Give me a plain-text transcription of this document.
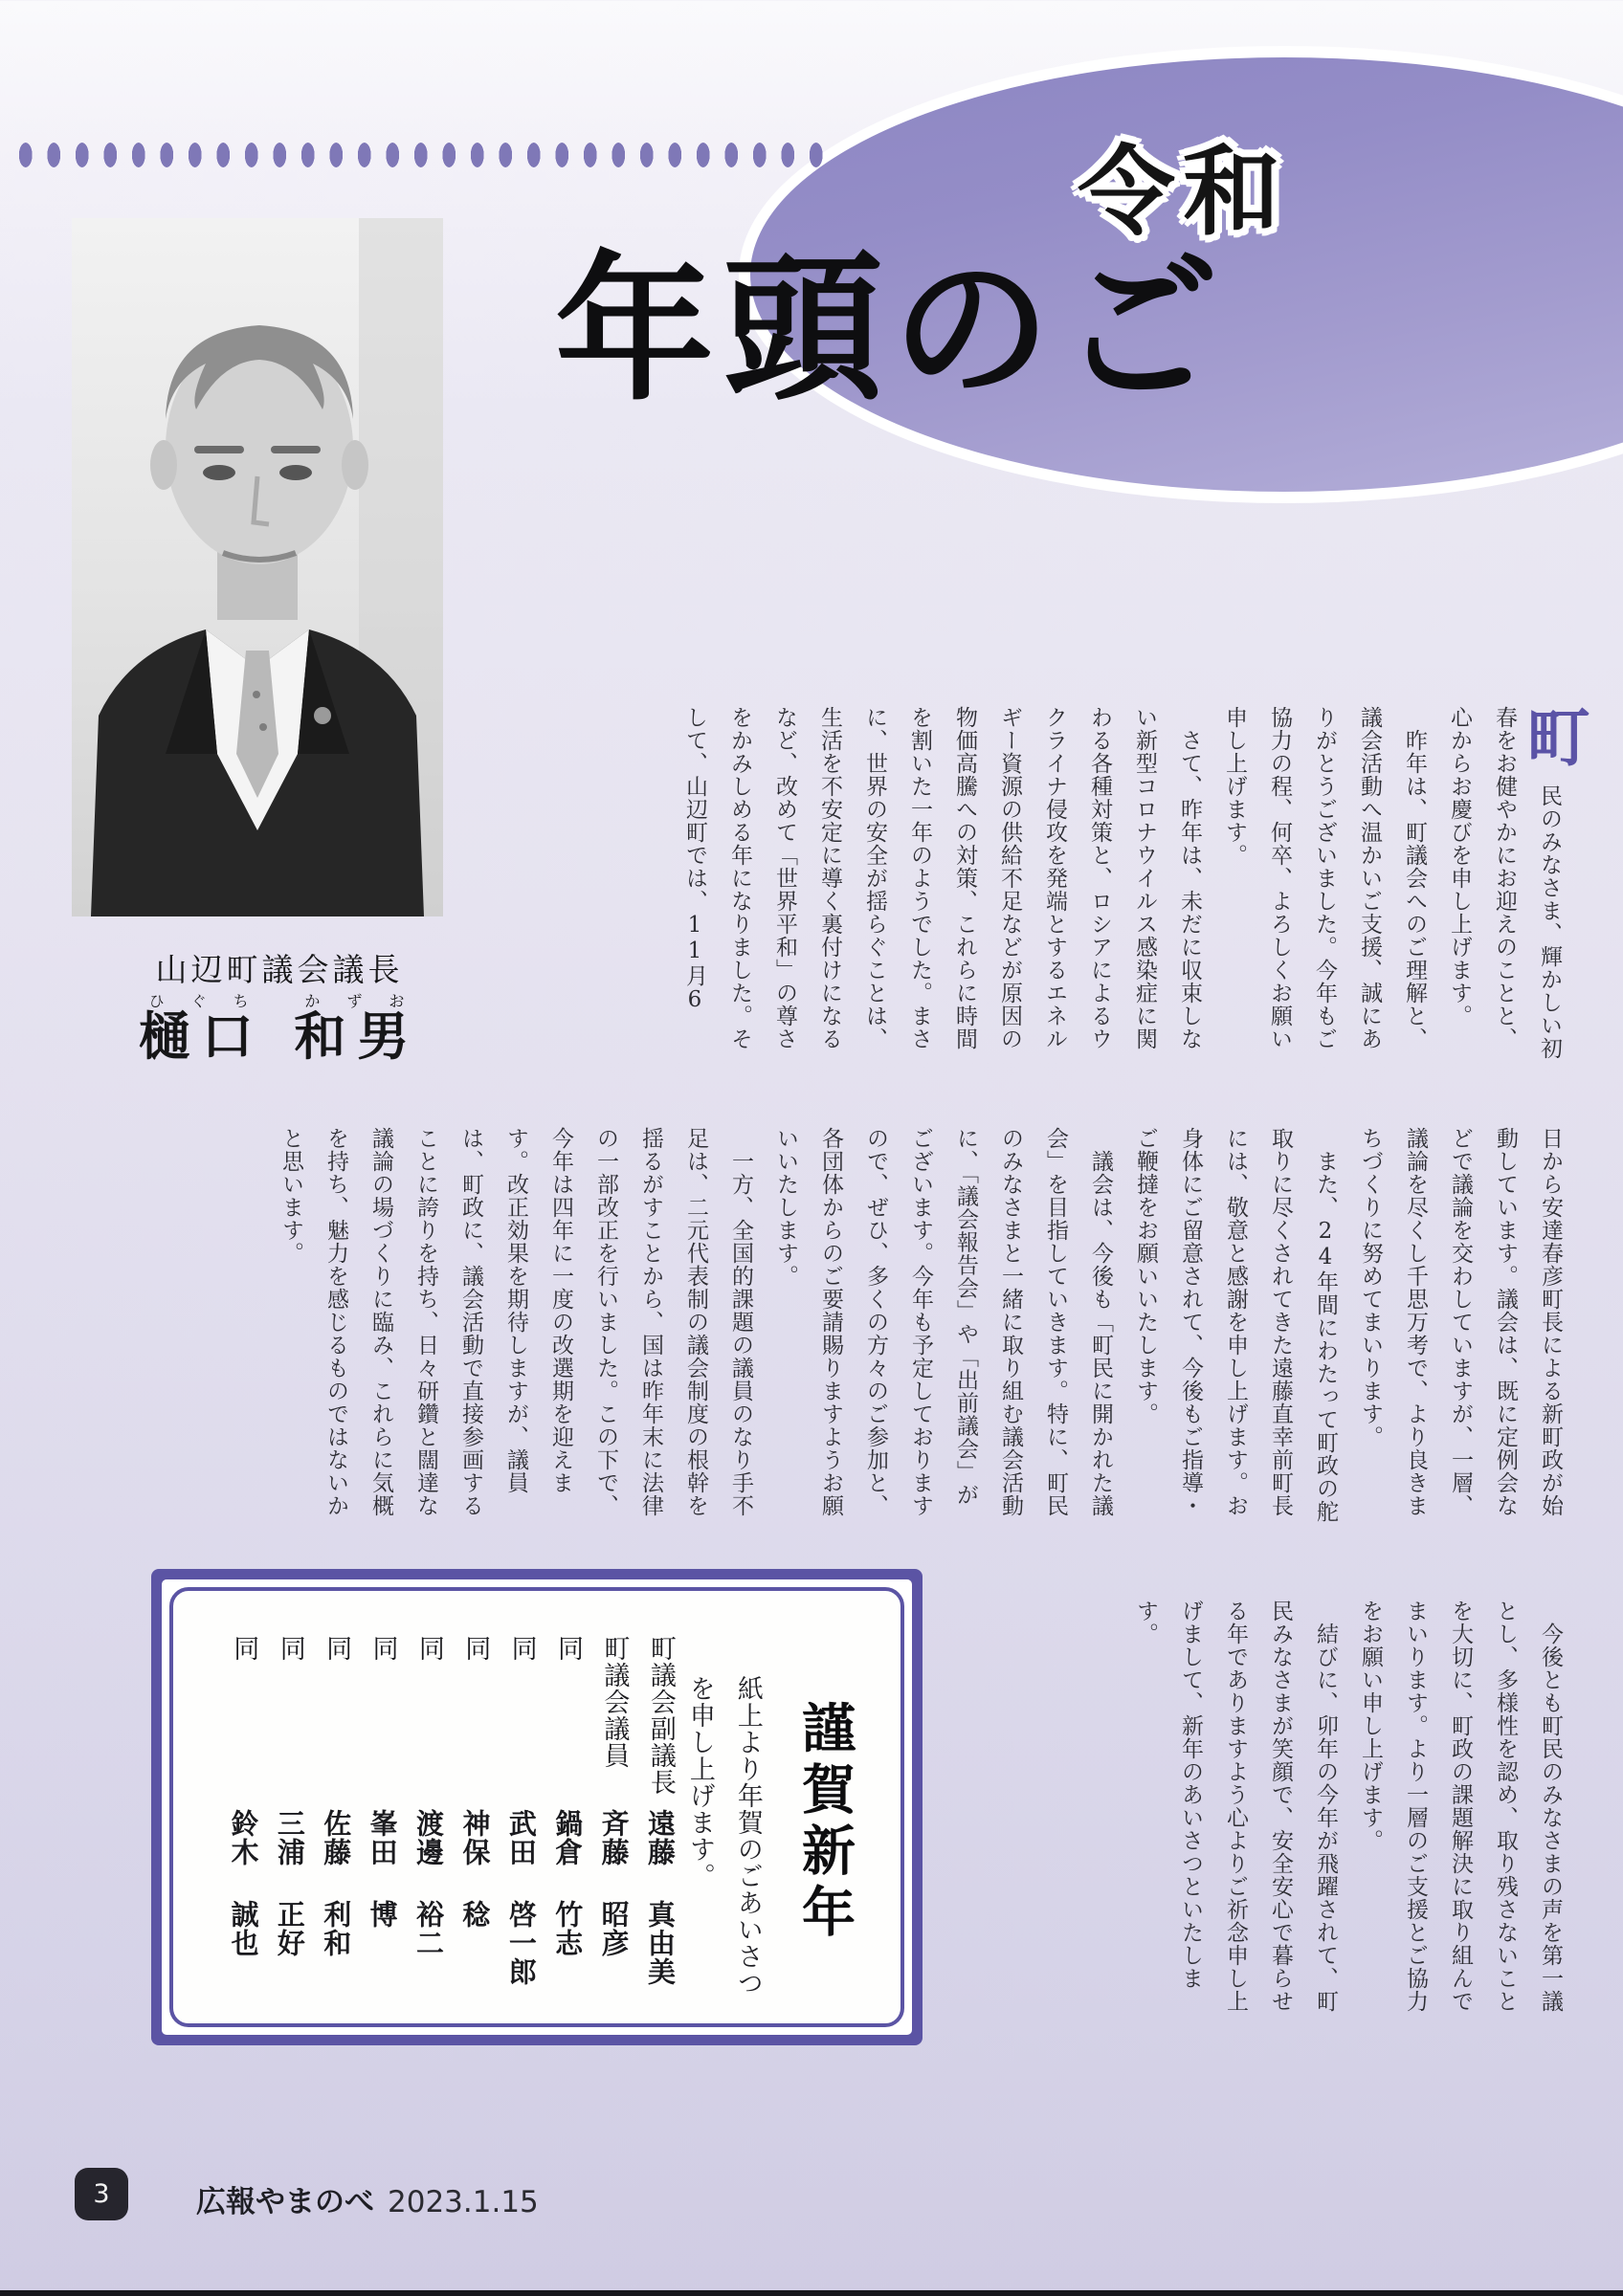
令和
年頭のご
山辺町議会議長
樋口ひぐち 和男かずお
町

民のみなさま、輝かしい初春をお健やかにお迎えのことと、心からお慶びを申し上げます。

　昨年は、町議会へのご理解と、議会活動へ温かいご支援、誠にありがとうございました。今年もご協力の程、何卒、よろしくお願い申し上げます。

　さて、昨年は、未だに収束しない新型コロナウイルス感染症に関わる各種対策と、ロシアによるウクライナ侵攻を発端とするエネルギー資源の供給不足などが原因の物価高騰への対策、これらに時間を割いた一年のようでした。まさに、世界の安全が揺らぐことは、生活を不安定に導く裏付けになるなど、改めて「世界平和」の尊さをかみしめる年になりました。そして、山辺町では、11月6

日から安達春彦町長による新町政が始動しています。議会は、既に定例会などで議論を交わしていますが、一層、議論を尽くし千思万考で、より良きまちづくりに努めてまいります。

　また、24年間にわたって町政の舵取りに尽くされてきた遠藤直幸前町長には、敬意と感謝を申し上げます。お身体にご留意されて、今後もご指導・ご鞭撻をお願いいたします。

　議会は、今後も「町民に開かれた議会」を目指していきます。特に、町民のみなさまと一緒に取り組む議会活動に、「議会報告会」や「出前議会」がございます。今年も予定しておりますので、ぜひ、多くの方々のご参加と、各団体からのご要請賜りますようお願いいたします。

　一方、全国的課題の議員のなり手不足は、二元代表制の議会制度の根幹を揺るがすことから、国は昨年末に法律の一部改正を行いました。この下で、今年は四年に一度の改選期を迎えます。改正効果を期待しますが、議員は、町政に、議会活動で直接参画することに誇りを持ち、日々研鑽と闊達な議論の場づくりに臨み、これらに気概を持ち、魅力を感じるものではないかと思います。

　今後とも町民のみなさまの声を第一議とし、多様性を認め、取り残さないことを大切に、町政の課題解決に取り組んでまいります。より一層のご支援とご協力をお願い申し上げます。

　結びに、卯年の今年が飛躍されて、町民みなさまが笑顔で、安全安心で暮らせる年でありますよう心よりご祈念申し上げまして、新年のあいさつといたします。

謹賀新年

紙上より年賀のごあいさつを申し上げます。

町議会副議長
遠藤 真由美
町議会議員
斉藤 昭彦
同
鍋倉 竹志
同
武田 啓一郎
同
神保 稔
同
渡邊 裕二
同
峯田 博
同
佐藤 利和
同
三浦 正好
同
鈴木 誠也
3	広報やまのべ 2023.1.15
